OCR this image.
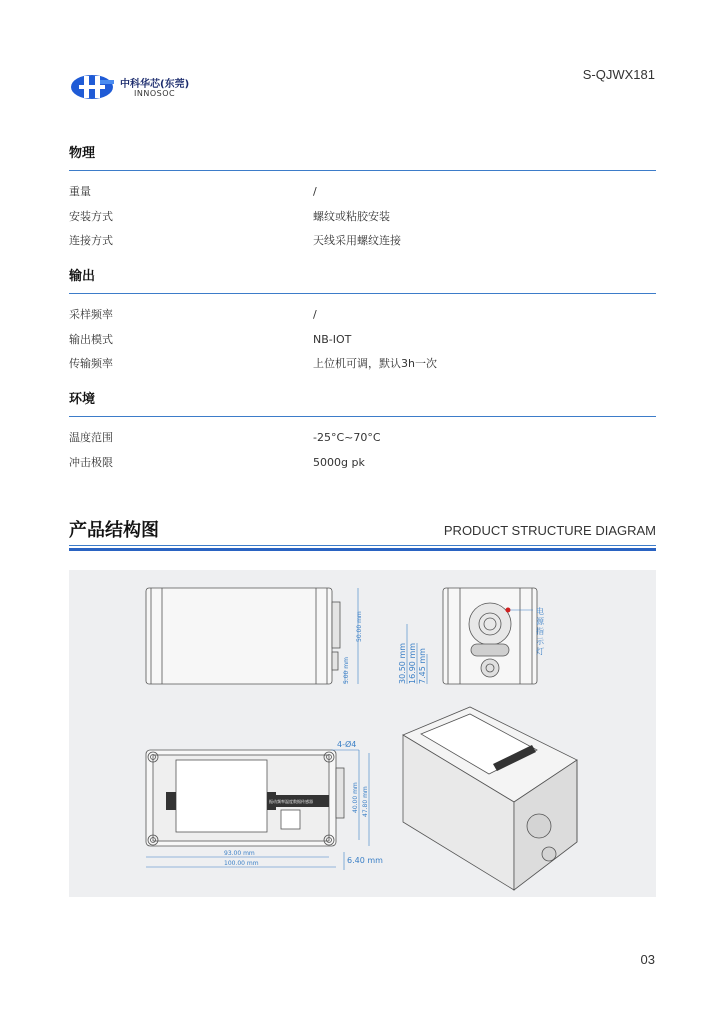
中科华芯(东莞)
INNOSOC
S-QJWX181
物理
重量	/
安装方式	螺纹或粘胶安装
连接方式	天线采用螺纹连接
输出
采样频率	/
输出模式	NB-IOT
传输频率	上位机可调，默认3h一次
环境
温度范围	-25°C~70°C
冲击极限	5000g pk
产品结构图	PRODUCT STRUCTURE DIAGRAM
50.00 mm
5.00 mm	30.50 mm 16.90 mm 7.45 mm
电
源
指
示
灯
4-Ø4
40.00 mm 47.80 mm
93.00 mm
100.00 mm	6.40 mm
振动频率温度数据传感器
03
